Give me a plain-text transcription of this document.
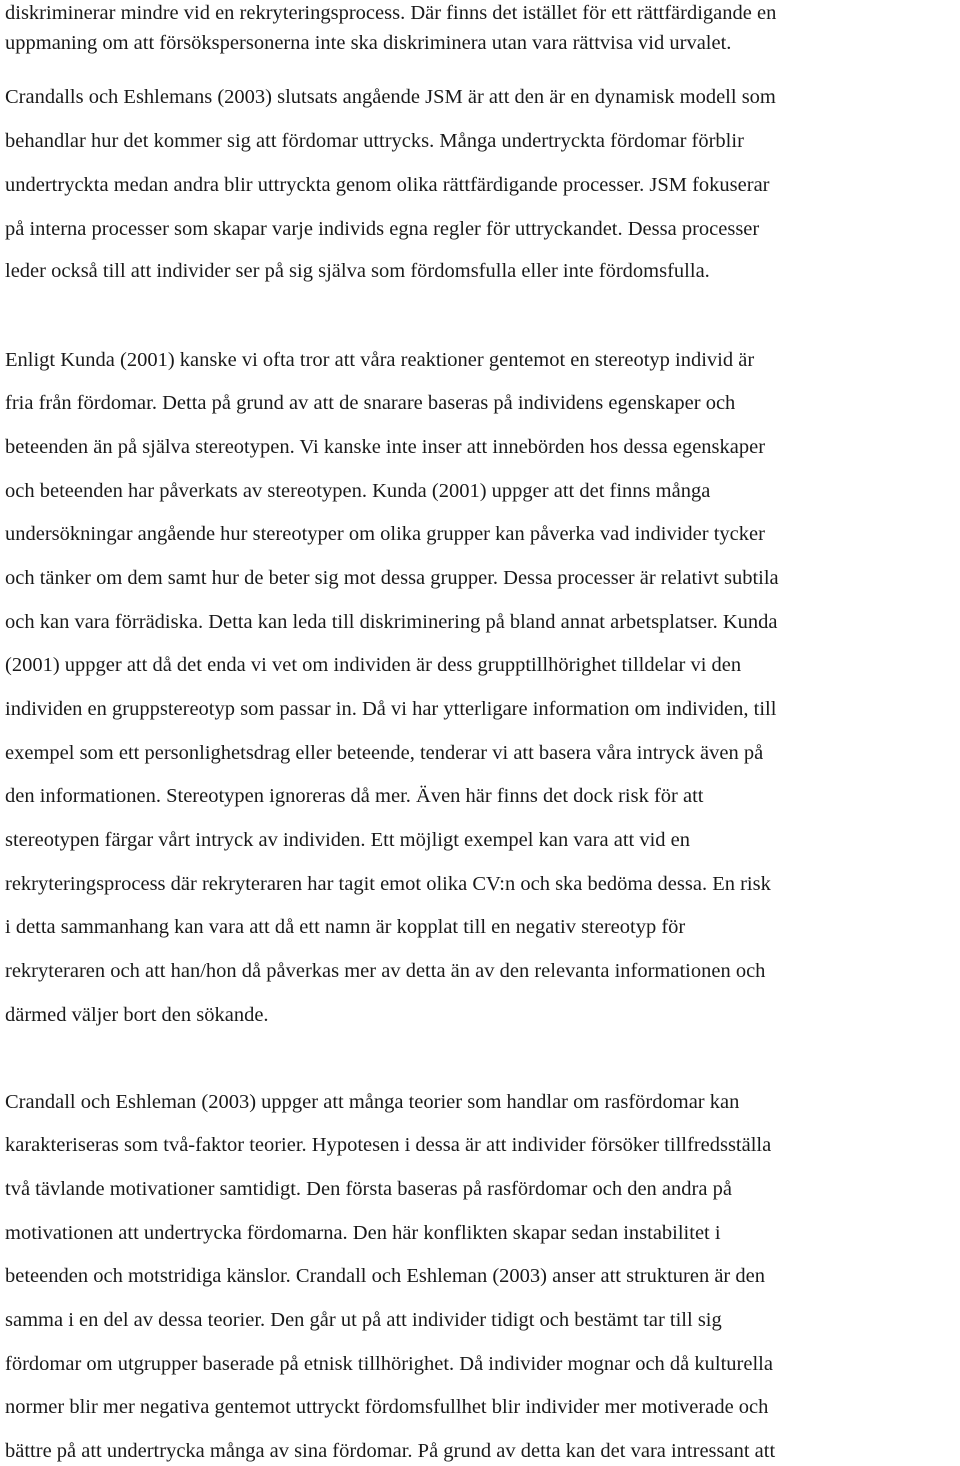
diskriminerar mindre vid en rekryteringsprocess. Där finns det istället för ett rättfärdigande en
uppmaning om att försökspersonerna inte ska diskriminera utan vara rättvisa vid urvalet.
Crandalls och Eshlemans (2003) slutsats angående JSM är att den är en dynamisk modell som
behandlar hur det kommer sig att fördomar uttrycks. Många undertryckta fördomar förblir
undertryckta medan andra blir uttryckta genom olika rättfärdigande processer. JSM fokuserar
på interna processer som skapar varje individs egna regler för uttryckandet. Dessa processer
leder också till att individer ser på sig själva som fördomsfulla eller inte fördomsfulla.
Enligt Kunda (2001) kanske vi ofta tror att våra reaktioner gentemot en stereotyp individ är
fria från fördomar. Detta på grund av att de snarare baseras på individens egenskaper och
beteenden än på själva stereotypen. Vi kanske inte inser att innebörden hos dessa egenskaper
och beteenden har påverkats av stereotypen. Kunda (2001) uppger att det finns många
undersökningar angående hur stereotyper om olika grupper kan påverka vad individer tycker
och tänker om dem samt hur de beter sig mot dessa grupper. Dessa processer är relativt subtila
och kan vara förrädiska. Detta kan leda till diskriminering på bland annat arbetsplatser. Kunda
(2001) uppger att då det enda vi vet om individen är dess grupptillhörighet tilldelar vi den
individen en gruppstereotyp som passar in. Då vi har ytterligare information om individen, till
exempel som ett personlighetsdrag eller beteende, tenderar vi att basera våra intryck även på
den informationen. Stereotypen ignoreras då mer. Även här finns det dock risk för att
stereotypen färgar vårt intryck av individen. Ett möjligt exempel kan vara att vid en
rekryteringsprocess där rekryteraren har tagit emot olika CV:n och ska bedöma dessa. En risk
i detta sammanhang kan vara att då ett namn är kopplat till en negativ stereotyp för
rekryteraren och att han/hon då påverkas mer av detta än av den relevanta informationen och
därmed väljer bort den sökande.
Crandall och Eshleman (2003) uppger att många teorier som handlar om rasfördomar kan
karakteriseras som två-faktor teorier. Hypotesen i dessa är att individer försöker tillfredsställa
två tävlande motivationer samtidigt. Den första baseras på rasfördomar och den andra på
motivationen att undertrycka fördomarna. Den här konflikten skapar sedan instabilitet i
beteenden och motstridiga känslor. Crandall och Eshleman (2003) anser att strukturen är den
samma i en del av dessa teorier. Den går ut på att individer tidigt och bestämt tar till sig
fördomar om utgrupper baserade på etnisk tillhörighet. Då individer mognar och då kulturella
normer blir mer negativa gentemot uttryckt fördomsfullhet blir individer mer motiverade och
bättre på att undertrycka många av sina fördomar. På grund av detta kan det vara intressant att
